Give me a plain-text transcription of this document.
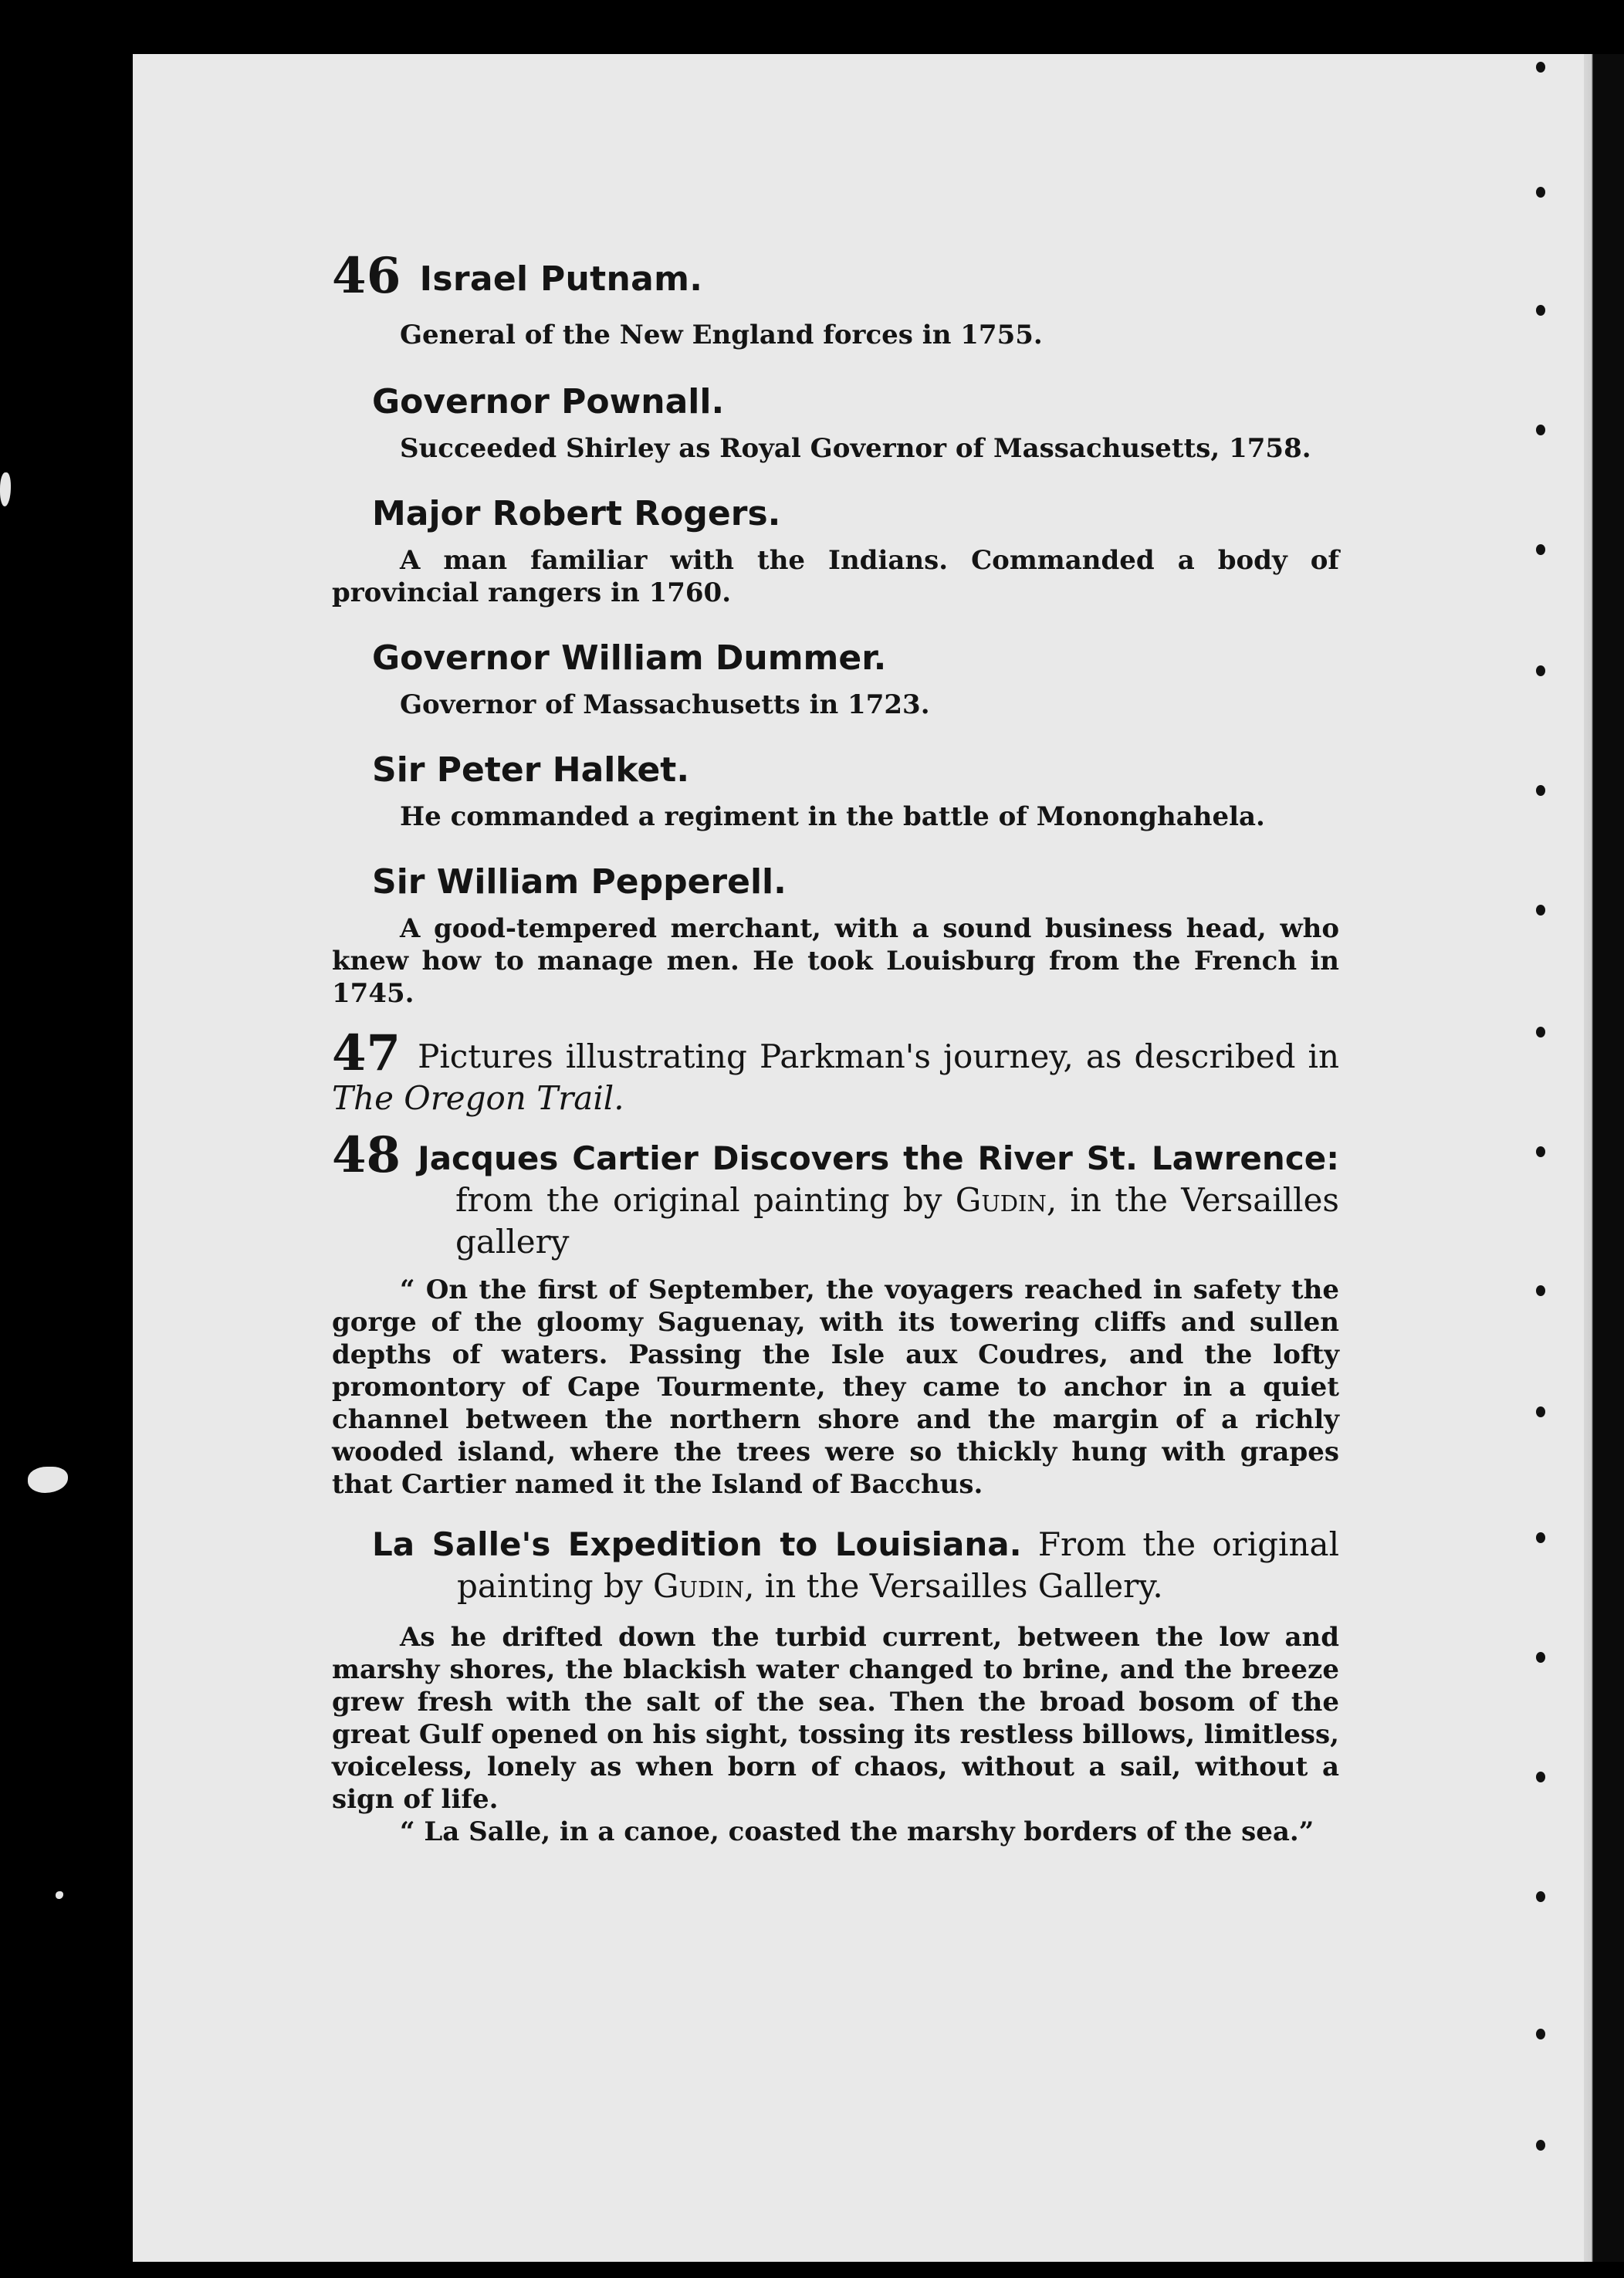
46 Israel Putnam.

General of the New England forces in 1755.

Governor Pownall.

Succeeded Shirley as Royal Governor of Massachusetts, 1758.

Major Robert Rogers.

A man familiar with the Indians. Commanded a body of provincial rangers in 1760.

Governor William Dummer.

Governor of Massachusetts in 1723.

Sir Peter Halket.

He commanded a regiment in the battle of Mononghahela.

Sir William Pepperell.

A good-tempered merchant, with a sound business head, who knew how to manage men. He took Louisburg from the French in 1745.

47 Pictures illustrating Parkman's journey, as described in The Oregon Trail.

48 Jacques Cartier Discovers the River St. Lawrence: from the original painting by Gudin, in the Versailles gallery

“ On the first of September, the voyagers reached in safety the gorge of the gloomy Saguenay, with its towering cliffs and sullen depths of waters. Passing the Isle aux Coudres, and the lofty promontory of Cape Tourmente, they came to anchor in a quiet channel between the northern shore and the margin of a richly wooded island, where the trees were so thickly hung with grapes that Cartier named it the Island of Bacchus.

La Salle's Expedition to Louisiana. From the original painting by Gudin, in the Versailles Gallery.

As he drifted down the turbid current, between the low and marshy shores, the blackish water changed to brine, and the breeze grew fresh with the salt of the sea. Then the broad bosom of the great Gulf opened on his sight, tossing its restless billows, limitless, voiceless, lonely as when born of chaos, without a sail, without a sign of life.

“ La Salle, in a canoe, coasted the marshy borders of the sea.”
